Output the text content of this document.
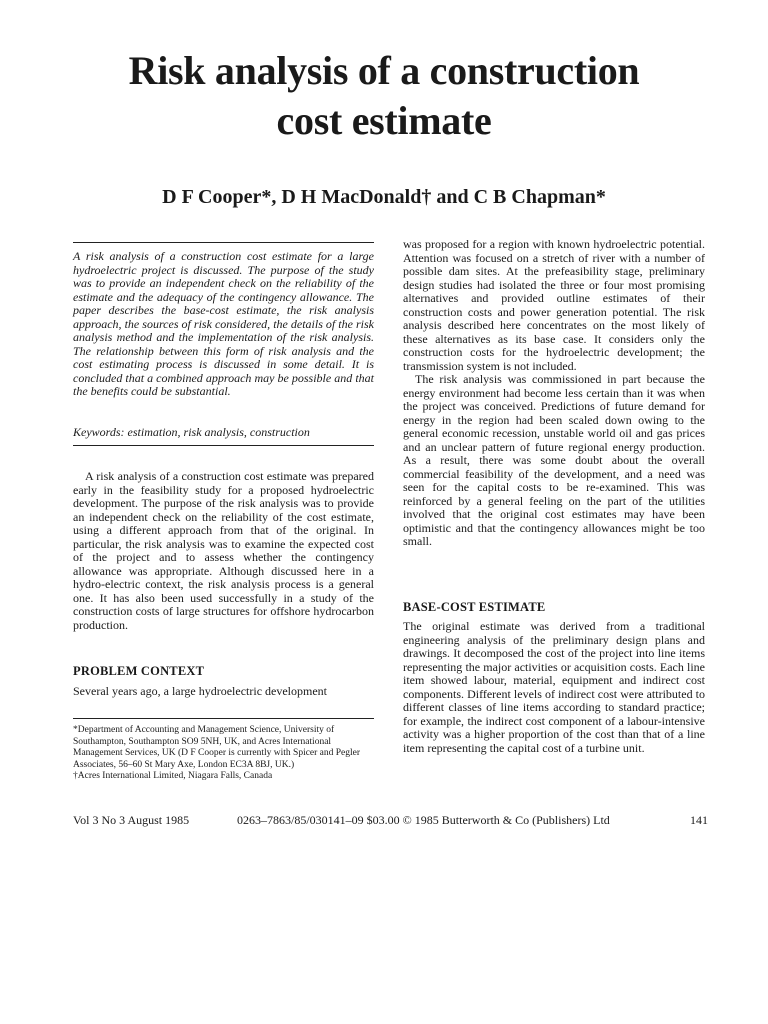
Risk analysis of a construction
cost estimate
D F Cooper*, D H MacDonald† and C B Chapman*

A risk analysis of a construction cost estimate for a large hydroelectric project is discussed. The purpose of the study was to provide an independent check on the reliability of the estimate and the adequacy of the contingency allowance. The paper describes the base-cost estimate, the risk analysis approach, the sources of risk considered, the details of the risk analysis method and the implementation of the risk analysis. The relationship between this form of risk analysis and the cost estimating process is discussed in some detail. It is concluded that a combined approach may be possible and that the benefits could be substantial.

Keywords: estimation, risk analysis, construction

A risk analysis of a construction cost estimate was prepared early in the feasibility study for a proposed hydroelectric development. The purpose of the risk analysis was to provide an independent check on the reliability of the cost estimate, using a different approach from that of the original. In particular, the risk analysis was to examine the expected cost of the project and to assess whether the contingency allowance was appropriate. Although discussed here in a hydro-electric context, the risk analysis process is a general one. It has also been used successfully in a study of the construction costs of large structures for offshore hydrocarbon production.

PROBLEM CONTEXT
Several years ago, a large hydroelectric development

*Department of Accounting and Management Science, University of Southampton, Southampton SO9 5NH, UK, and Acres International Management Services, UK (D F Cooper is currently with Spicer and Pegler Associates, 56–60 St Mary Axe, London EC3A 8BJ, UK.)

†Acres International Limited, Niagara Falls, Canada

was proposed for a region with known hydroelectric potential. Attention was focused on a stretch of river with a number of possible dam sites. At the prefeasibility stage, preliminary design studies had isolated the three or four most promising alternatives and provided outline estimates of their construction costs and power generation potential. The risk analysis described here concentrates on the most likely of these alternatives as its base case. It considers only the construction costs for the hydroelectric development; the transmission system is not included.

The risk analysis was commissioned in part because the energy environment had become less certain than it was when the project was conceived. Predictions of future demand for energy in the region had been scaled down owing to the general economic recession, unstable world oil and gas prices and an unclear pattern of future regional energy production. As a result, there was some doubt about the overall commercial feasibility of the development, and a need was seen for the capital costs to be re-examined. This was reinforced by a general feeling on the part of the utilities involved that the original cost estimates may have been optimistic and that the contingency allowances might be too small.

BASE-COST ESTIMATE
The original estimate was derived from a traditional engineering analysis of the preliminary design plans and drawings. It decomposed the cost of the project into line items representing the major activities or acquisition costs. Each line item showed labour, material, equipment and indirect cost components. Different levels of indirect cost were attributed to different classes of line items according to standard practice; for example, the indirect cost component of a labour-intensive activity was a higher proportion of the cost than that of a line item representing the capital cost of a turbine unit.
Vol 3 No 3 August 1985	0263–7863/85/030141–09 $03.00 © 1985 Butterworth & Co (Publishers) Ltd	141
